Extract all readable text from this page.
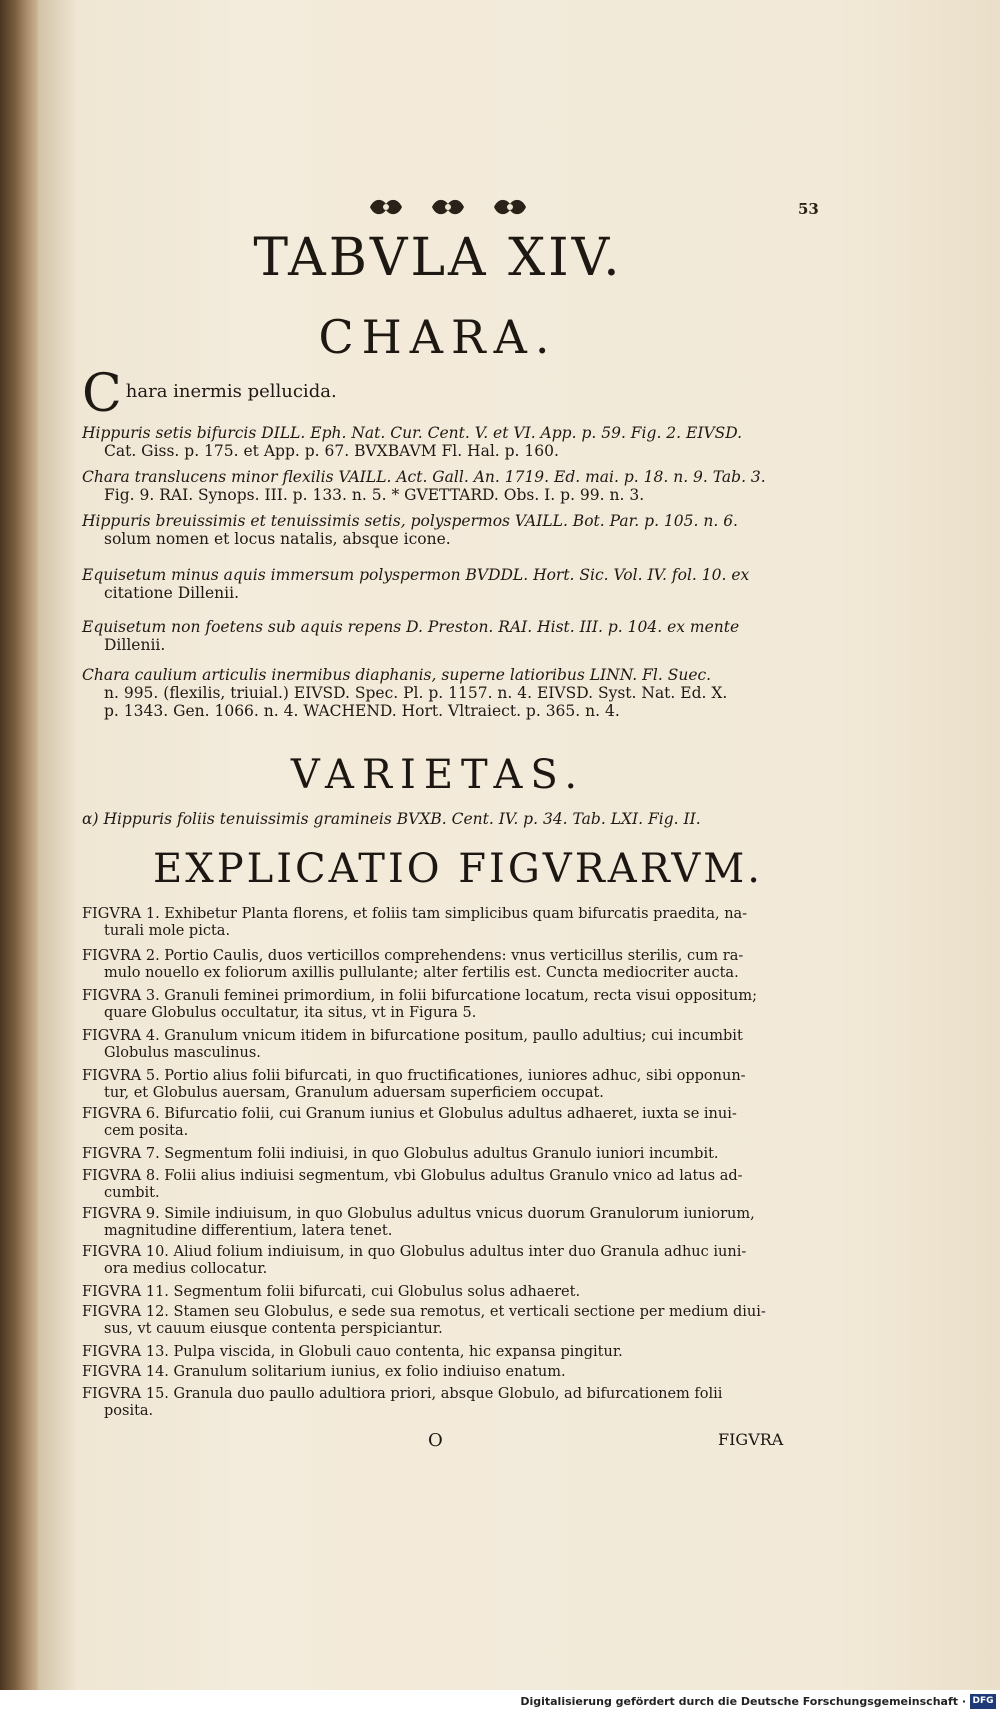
53
TABVLA XIV.
CHARA.
C hara inermis pellucida.
Hippuris setis bifurcis DILL. Eph. Nat. Cur. Cent. V. et VI. App. p. 59. Fig. 2. EIVSD.
Cat. Giss. p. 175. et App. p. 67. BVXBAVM Fl. Hal. p. 160.
Chara translucens minor flexilis VAILL. Act. Gall. An. 1719. Ed. mai. p. 18. n. 9. Tab. 3.
Fig. 9. RAI. Synops. III. p. 133. n. 5. * GVETTARD. Obs. I. p. 99. n. 3.
Hippuris breuissimis et tenuissimis setis, polyspermos VAILL. Bot. Par. p. 105. n. 6.
solum nomen et locus natalis, absque icone.
Equisetum minus aquis immersum polyspermon BVDDL. Hort. Sic. Vol. IV. fol. 10. ex
citatione Dillenii.
Equisetum non foetens sub aquis repens D. Preston. RAI. Hist. III. p. 104. ex mente
Dillenii.
Chara caulium articulis inermibus diaphanis, superne latioribus LINN. Fl. Suec.
n. 995. (flexilis, triuial.) EIVSD. Spec. Pl. p. 1157. n. 4. EIVSD. Syst. Nat. Ed. X.
p. 1343. Gen. 1066. n. 4. WACHEND. Hort. Vltraiect. p. 365. n. 4.
VARIETAS.
α) Hippuris foliis tenuissimis gramineis BVXB. Cent. IV. p. 34. Tab. LXI. Fig. II.
EXPLICATIO FIGVRARVM.
FIGVRA 1. Exhibetur Planta florens, et foliis tam simplicibus quam bifurcatis praedita, na-
turali mole picta.
FIGVRA 2. Portio Caulis, duos verticillos comprehendens: vnus verticillus sterilis, cum ra-
mulo nouello ex foliorum axillis pullulante; alter fertilis est. Cuncta mediocriter aucta.
FIGVRA 3. Granuli feminei primordium, in folii bifurcatione locatum, recta visui oppositum;
quare Globulus occultatur, ita situs, vt in Figura 5.
FIGVRA 4. Granulum vnicum itidem in bifurcatione positum, paullo adultius; cui incumbit
Globulus masculinus.
FIGVRA 5. Portio alius folii bifurcati, in quo fructificationes, iuniores adhuc, sibi opponun-
tur, et Globulus auersam, Granulum aduersam superficiem occupat.
FIGVRA 6. Bifurcatio folii, cui Granum iunius et Globulus adultus adhaeret, iuxta se inui-
cem posita.
FIGVRA 7. Segmentum folii indiuisi, in quo Globulus adultus Granulo iuniori incumbit.
FIGVRA 8. Folii alius indiuisi segmentum, vbi Globulus adultus Granulo vnico ad latus ad-
cumbit.
FIGVRA 9. Simile indiuisum, in quo Globulus adultus vnicus duorum Granulorum iuniorum,
magnitudine differentium, latera tenet.
FIGVRA 10. Aliud folium indiuisum, in quo Globulus adultus inter duo Granula adhuc iuni-
ora medius collocatur.
FIGVRA 11. Segmentum folii bifurcati, cui Globulus solus adhaeret.
FIGVRA 12. Stamen seu Globulus, e sede sua remotus, et verticali sectione per medium diui-
sus, vt cauum eiusque contenta perspiciantur.
FIGVRA 13. Pulpa viscida, in Globuli cauo contenta, hic expansa pingitur.
FIGVRA 14. Granulum solitarium iunius, ex folio indiuiso enatum.
FIGVRA 15. Granula duo paullo adultiora priori, absque Globulo, ad bifurcationem folii
posita.
O	FIGVRA
Digitalisierung gefördert durch die Deutsche Forschungsgemeinschaft · DFG
